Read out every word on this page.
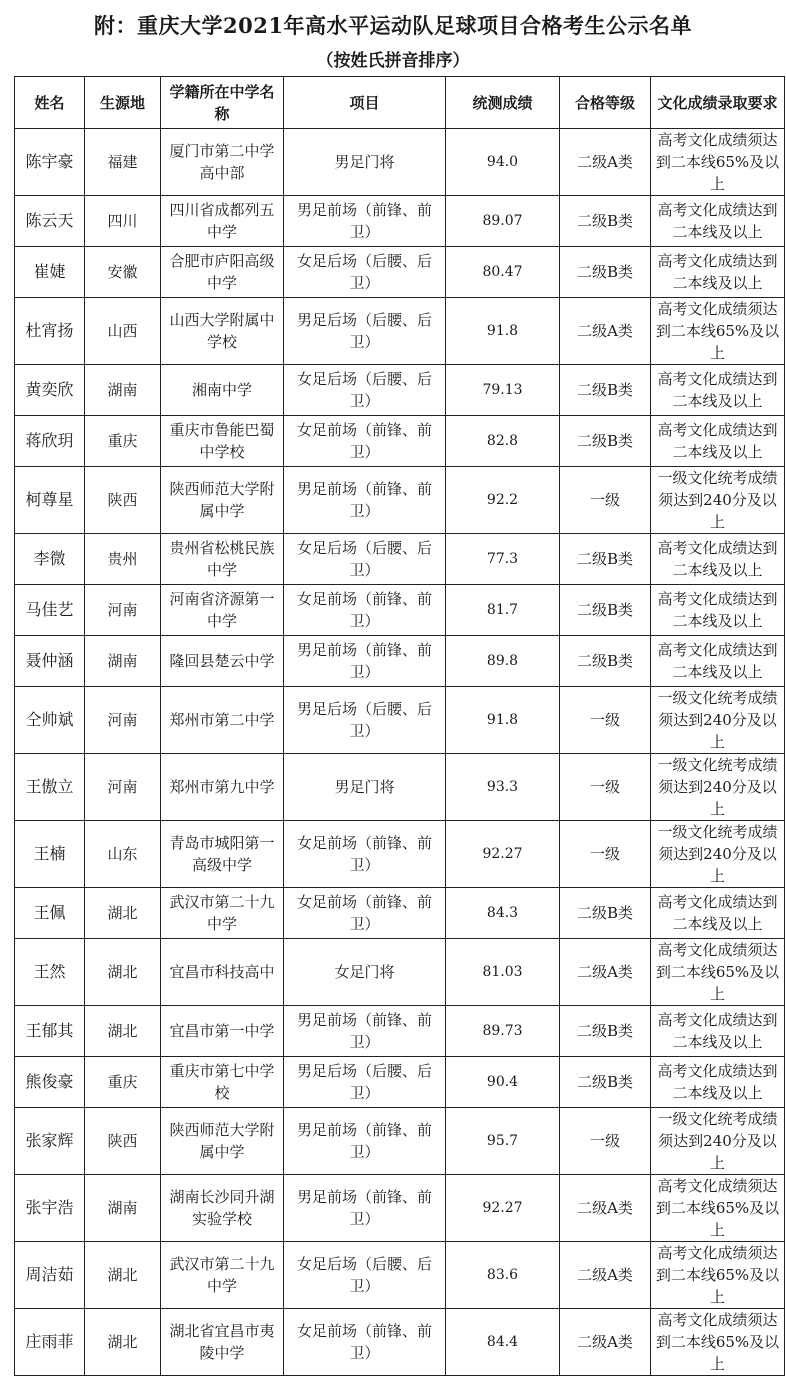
附：重庆大学2021年高水平运动队足球项目合格考生公示名单
（按姓氏拼音排序）
姓名	生源地	学籍所在中学名称	项目	统测成绩	合格等级	文化成绩录取要求
陈宇豪	福建	厦门市第二中学高中部	男足门将	94.0	二级A类	高考文化成绩须达到二本线65%及以上
陈云天	四川	四川省成都列五中学	男足前场（前锋、前卫）	89.07	二级B类	高考文化成绩达到二本线及以上
崔婕	安徽	合肥市庐阳高级中学	女足后场（后腰、后卫）	80.47	二级B类	高考文化成绩达到二本线及以上
杜宵扬	山西	山西大学附属中学校	男足后场（后腰、后卫）	91.8	二级A类	高考文化成绩须达到二本线65%及以上
黄奕欣	湖南	湘南中学	女足后场（后腰、后卫）	79.13	二级B类	高考文化成绩达到二本线及以上
蒋欣玥	重庆	重庆市鲁能巴蜀中学校	女足前场（前锋、前卫）	82.8	二级B类	高考文化成绩达到二本线及以上
柯尊星	陕西	陕西师范大学附属中学	男足前场（前锋、前卫）	92.2	一级	一级文化统考成绩须达到240分及以上
李微	贵州	贵州省松桃民族中学	女足后场（后腰、后卫）	77.3	二级B类	高考文化成绩达到二本线及以上
马佳艺	河南	河南省济源第一中学	女足前场（前锋、前卫）	81.7	二级B类	高考文化成绩达到二本线及以上
聂仲涵	湖南	隆回县楚云中学	男足前场（前锋、前卫）	89.8	二级B类	高考文化成绩达到二本线及以上
仝帅斌	河南	郑州市第二中学	男足后场（后腰、后卫）	91.8	一级	一级文化统考成绩须达到240分及以上
王傲立	河南	郑州市第九中学	男足门将	93.3	一级	一级文化统考成绩须达到240分及以上
王楠	山东	青岛市城阳第一高级中学	女足前场（前锋、前卫）	92.27	一级	一级文化统考成绩须达到240分及以上
王佩	湖北	武汉市第二十九中学	女足前场（前锋、前卫）	84.3	二级B类	高考文化成绩达到二本线及以上
王然	湖北	宜昌市科技高中	女足门将	81.03	二级A类	高考文化成绩须达到二本线65%及以上
王郁其	湖北	宜昌市第一中学	男足前场（前锋、前卫）	89.73	二级B类	高考文化成绩达到二本线及以上
熊俊豪	重庆	重庆市第七中学校	男足后场（后腰、后卫）	90.4	二级B类	高考文化成绩达到二本线及以上
张家辉	陕西	陕西师范大学附属中学	男足前场（前锋、前卫）	95.7	一级	一级文化统考成绩须达到240分及以上
张宇浩	湖南	湖南长沙同升湖实验学校	男足前场（前锋、前卫）	92.27	二级A类	高考文化成绩须达到二本线65%及以上
周洁茹	湖北	武汉市第二十九中学	女足后场（后腰、后卫）	83.6	二级A类	高考文化成绩须达到二本线65%及以上
庄雨菲	湖北	湖北省宜昌市夷陵中学	女足前场（前锋、前卫）	84.4	二级A类	高考文化成绩须达到二本线65%及以上
